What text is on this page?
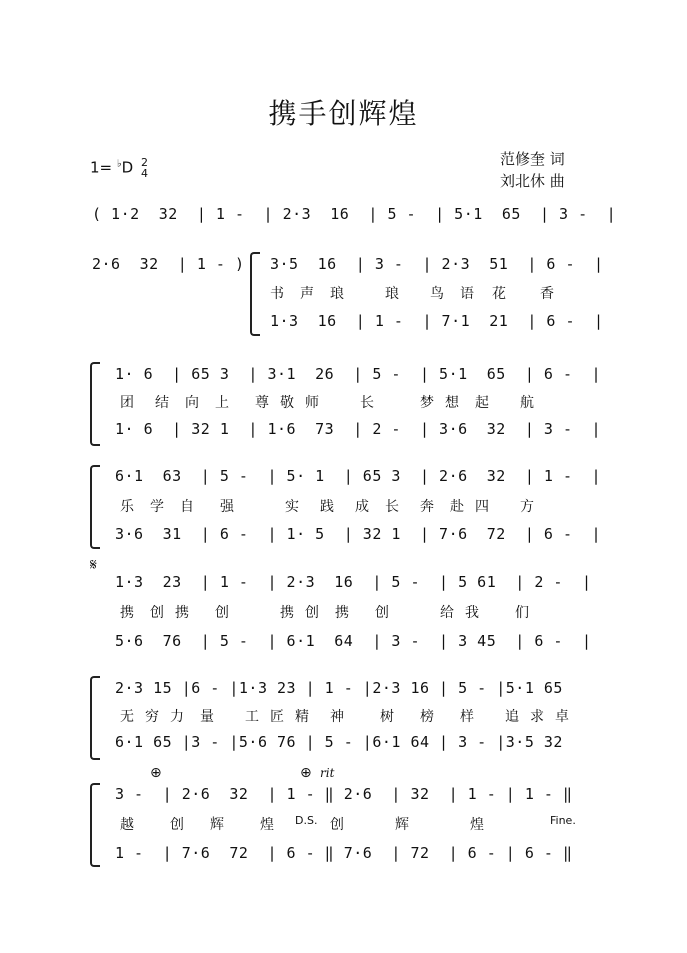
携手创辉煌
1= ♭D 2
4
范修奎 词
刘北休 曲
( 1·2  32  | 1 -  | 2·3  16  | 5 -  | 5·1  65  | 3 -  |
2·6  32  | 1 - )	3·5  16  | 3 -  | 2·3  51  | 6 -  |
书 声 琅	琅 鸟 语 花 香
1·3  16  | 1 -  | 7·1  21  | 6 -  |
1· 6  | 65 3  | 3·1  26  | 5 -  | 5·1  65  | 6 -  |
团 结 向 上 尊 敬 师	长	梦 想 起 航
1· 6  | 32 1  | 1·6  73  | 2 -  | 3·6  32  | 3 -  |
6·1  63  | 5 -  | 5· 1  | 65 3  | 2·6  32  | 1 -  |
乐 学 自 强	实 践 成 长 奔 赴 四 方
3·6  31  | 6 -  | 1· 5  | 32 1  | 7·6  72  | 6 -  |
𝄋
1·3  23  | 1 -  | 2·3  16  | 5 -  | 5 61  | 2 -  |
携 创 携 创	携 创 携 创	给 我	们
5·6  76  | 5 -  | 6·1  64  | 3 -  | 3 45  | 6 -  |
2·3 15 |6 - |1·3 23 | 1 - |2·3 16 | 5 - |5·1 65
无 穷 力 量 工 匠 精 神	树 榜 样 追 求 卓
6·1 65 |3 - |5·6 76 | 5 - |6·1 64 | 3 - |3·5 32
⊕	⊕ rit
3 -  | 2·6  32  | 1 - ‖ 2·6  | 32  | 1 - | 1 - ‖
越	创 辉	煌 D.S. 创	辉	煌	Fine.
1 -  | 7·6  72  | 6 - ‖ 7·6  | 72  | 6 - | 6 - ‖
